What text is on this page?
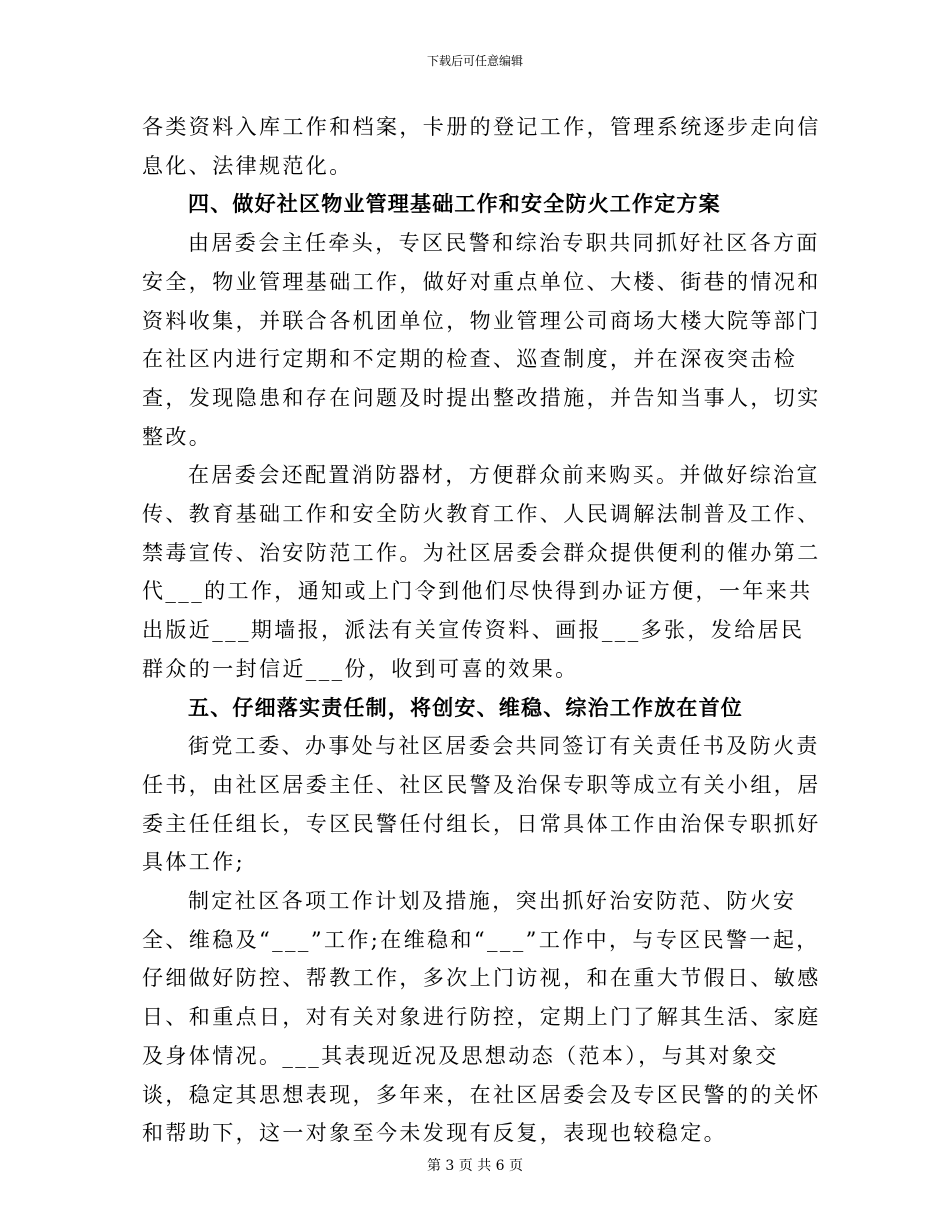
下载后可任意编辑

各类资料入库工作和档案，卡册的登记工作，管理系统逐步走向信息化、法律规范化。

四、做好社区物业管理基础工作和安全防火工作定方案

由居委会主任牵头，专区民警和综治专职共同抓好社区各方面安全，物业管理基础工作，做好对重点单位、大楼、街巷的情况和资料收集，并联合各机团单位，物业管理公司商场大楼大院等部门在社区内进行定期和不定期的检查、巡查制度，并在深夜突击检查，发现隐患和存在问题及时提出整改措施，并告知当事人，切实整改。

在居委会还配置消防器材，方便群众前来购买。并做好综治宣传、教育基础工作和安全防火教育工作、人民调解法制普及工作、禁毒宣传、治安防范工作。为社区居委会群众提供便利的催办第二代___的工作，通知或上门令到他们尽快得到办证方便，一年来共出版近___期墙报，派法有关宣传资料、画报___多张，发给居民群众的一封信近___份，收到可喜的效果。

五、仔细落实责任制，将创安、维稳、综治工作放在首位

街党工委、办事处与社区居委会共同签订有关责任书及防火责任书，由社区居委主任、社区民警及治保专职等成立有关小组，居委主任任组长，专区民警任付组长，日常具体工作由治保专职抓好具体工作;

制定社区各项工作计划及措施，突出抓好治安防范、防火安全、维稳及“___”工作;在维稳和“___”工作中，与专区民警一起，仔细做好防控、帮教工作，多次上门访视，和在重大节假日、敏感日、和重点日，对有关对象进行防控，定期上门了解其生活、家庭及身体情况。___其表现近况及思想动态（范本），与其对象交谈，稳定其思想表现，多年来，在社区居委会及专区民警的的关怀和帮助下，这一对象至今未发现有反复，表现也较稳定。

第 3 页 共 6 页
